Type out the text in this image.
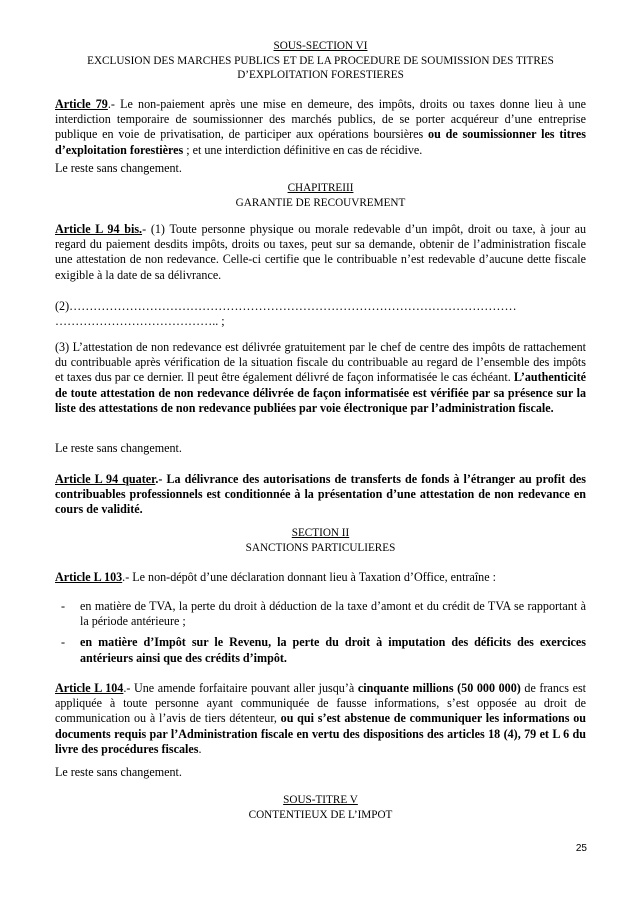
SOUS-SECTION VI
EXCLUSION DES MARCHES PUBLICS ET DE LA PROCEDURE DE SOUMISSION DES TITRES
D’EXPLOITATION FORESTIERES
Article 79.- Le non-paiement après une mise en demeure, des impôts, droits ou taxes donne lieu à une interdiction temporaire de soumissionner des marchés publics, de se porter acquéreur d’une entreprise publique en voie de privatisation, de participer aux opérations boursières ou de soumissionner les titres d’exploitation forestières ; et une interdiction définitive en cas de récidive.
Le reste sans changement.
CHAPITREIII
GARANTIE DE RECOUVREMENT
Article L 94 bis.- (1) Toute personne physique ou morale redevable d’un impôt, droit ou taxe, à jour au regard du paiement desdits impôts, droits ou taxes, peut sur sa demande, obtenir de l’administration fiscale une attestation de non redevance. Celle-ci certifie que le contribuable n’est redevable d’aucune dette fiscale exigible à la date de sa délivrance.
(2)………………………………………………………………………………………………… ………………………………….. ;
(3) L’attestation de non redevance est délivrée gratuitement par le chef de centre des impôts de rattachement du contribuable après vérification de la situation fiscale du contribuable au regard de l’ensemble des impôts et taxes dus par ce dernier. Il peut être également délivré de façon informatisée le cas échéant. L’authenticité de toute attestation de non redevance délivrée de façon informatisée est vérifiée par sa présence sur la liste des attestations de non redevance publiées par voie électronique par l’administration fiscale.
Le reste sans changement.
Article L 94 quater.- La délivrance des autorisations de transferts de fonds à l’étranger au profit des contribuables professionnels est conditionnée à la présentation d’une attestation de non redevance en cours de validité.
SECTION II
SANCTIONS PARTICULIERES
Article L 103.- Le non-dépôt d’une déclaration donnant lieu à Taxation d’Office, entraîne :
- en matière de TVA, la perte du droit à déduction de la taxe d’amont et du crédit de TVA se rapportant à la période antérieure ;
- en matière d’Impôt sur le Revenu, la perte du droit à imputation des déficits des exercices antérieurs ainsi que des crédits d’impôt.
Article L 104.- Une amende forfaitaire pouvant aller jusqu’à cinquante millions (50 000 000) de francs est appliquée à toute personne ayant communiquée de fausse informations, s’est opposée au droit de communication ou à l’avis de tiers détenteur, ou qui s’est abstenue de communiquer les informations ou documents requis par l’Administration fiscale en vertu des dispositions des articles 18 (4), 79 et L 6 du livre des procédures fiscales.
Le reste sans changement.
SOUS-TITRE V
CONTENTIEUX DE L’IMPOT
25
